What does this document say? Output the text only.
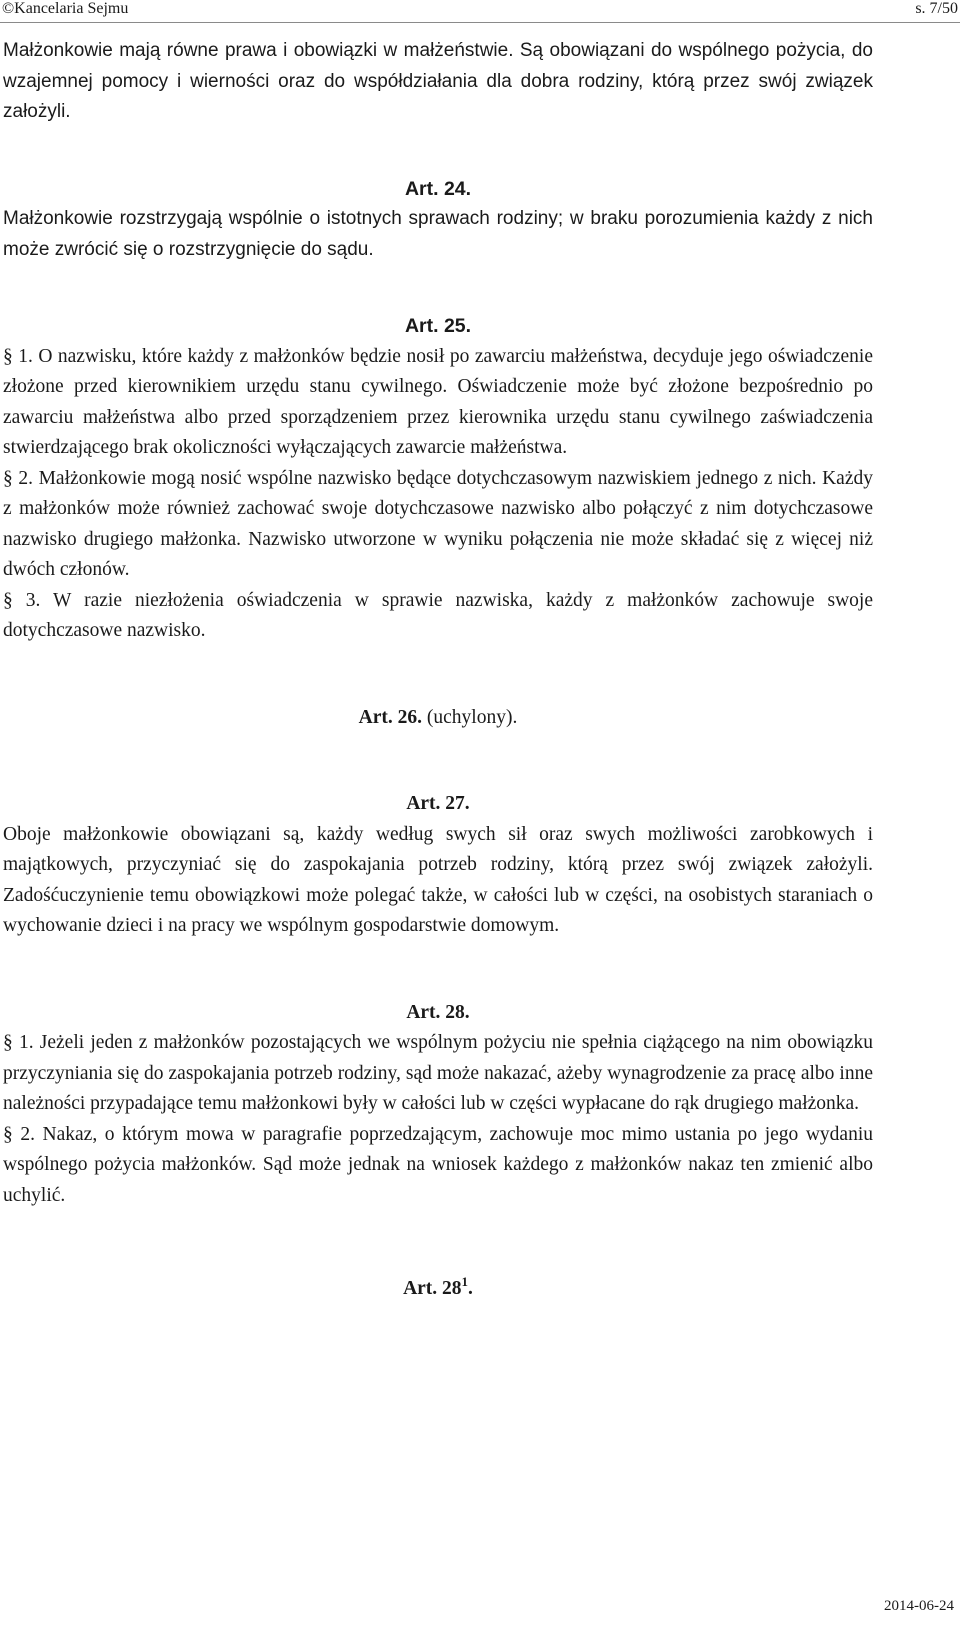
©Kancelaria Sejmu	s. 7/50

Małżonkowie mają równe prawa i obowiązki w małżeństwie. Są obowiązani do wspólnego pożycia, do wzajemnej pomocy i wierności oraz do współdziałania dla dobra rodziny, którą przez swój związek założyli.

Art. 24.

Małżonkowie rozstrzygają wspólnie o istotnych sprawach rodziny; w braku porozumienia każdy z nich może zwrócić się o rozstrzygnięcie do sądu.

Art. 25.

§ 1. O nazwisku, które każdy z małżonków będzie nosił po zawarciu małżeństwa, decyduje jego oświadczenie złożone przed kierownikiem urzędu stanu cywilnego. Oświadczenie może być złożone bezpośrednio po zawarciu małżeństwa albo przed sporządzeniem przez kierownika urzędu stanu cywilnego zaświadczenia stwierdzającego brak okoliczności wyłączających zawarcie małżeństwa.

§ 2. Małżonkowie mogą nosić wspólne nazwisko będące dotychczasowym nazwiskiem jednego z nich. Każdy z małżonków może również zachować swoje dotychczasowe nazwisko albo połączyć z nim dotychczasowe nazwisko drugiego małżonka. Nazwisko utworzone w wyniku połączenia nie może składać się z więcej niż dwóch członów.

§ 3. W razie niezłożenia oświadczenia w sprawie nazwiska, każdy z małżonków zachowuje swoje dotychczasowe nazwisko.

Art. 26. (uchylony).

Art. 27.

Oboje małżonkowie obowiązani są, każdy według swych sił oraz swych możliwości zarobkowych i majątkowych, przyczyniać się do zaspokajania potrzeb rodziny, którą przez swój związek założyli. Zadośćuczynienie temu obowiązkowi może polegać także, w całości lub w części, na osobistych staraniach o wychowanie dzieci i na pracy we wspólnym gospodarstwie domowym.

Art. 28.

§ 1. Jeżeli jeden z małżonków pozostających we wspólnym pożyciu nie spełnia ciążącego na nim obowiązku przyczyniania się do zaspokajania potrzeb rodziny, sąd może nakazać, ażeby wynagrodzenie za pracę albo inne należności przypadające temu małżonkowi były w całości lub w części wypłacane do rąk drugiego małżonka.

§ 2. Nakaz, o którym mowa w paragrafie poprzedzającym, zachowuje moc mimo ustania po jego wydaniu wspólnego pożycia małżonków. Sąd może jednak na wniosek każdego z małżonków nakaz ten zmienić albo uchylić.

Art. $28^1$.

2014-06-24
